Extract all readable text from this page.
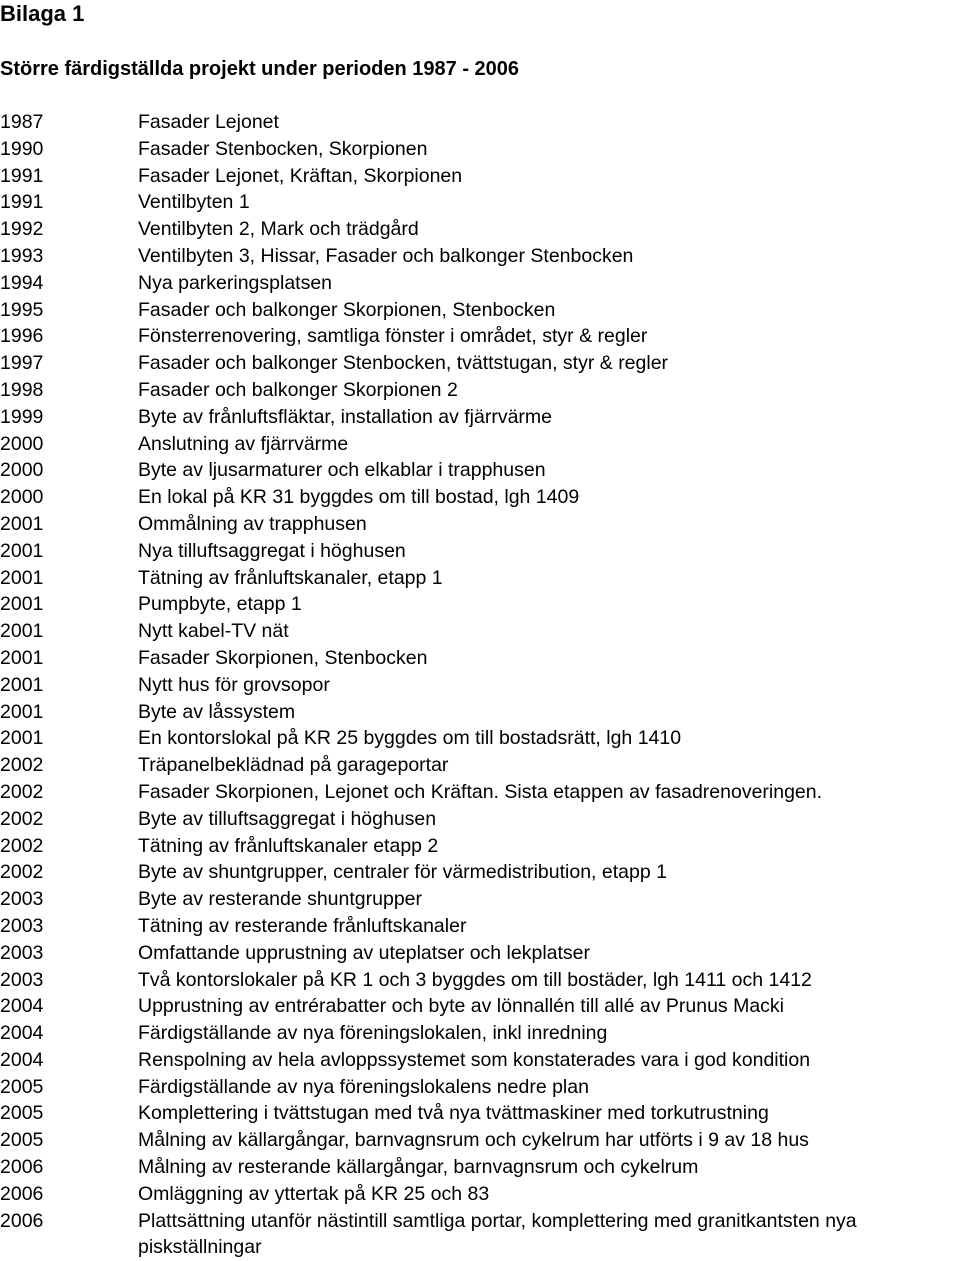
Bilaga 1
Större färdigställda projekt under perioden 1987 - 2006
1987	Fasader Lejonet
1990	Fasader Stenbocken, Skorpionen
1991	Fasader Lejonet, Kräftan, Skorpionen
1991	Ventilbyten 1
1992	Ventilbyten 2, Mark och trädgård
1993	Ventilbyten 3, Hissar, Fasader och balkonger Stenbocken
1994	Nya parkeringsplatsen
1995	Fasader och balkonger Skorpionen, Stenbocken
1996	Fönsterrenovering, samtliga fönster i området, styr & regler
1997	Fasader och balkonger Stenbocken, tvättstugan, styr & regler
1998	Fasader och balkonger Skorpionen 2
1999	Byte av frånluftsfläktar, installation av fjärrvärme
2000	Anslutning av fjärrvärme
2000	Byte av ljusarmaturer och elkablar i trapphusen
2000	En lokal på KR 31 byggdes om till bostad, lgh 1409
2001	Ommålning av trapphusen
2001	Nya tilluftsaggregat i höghusen
2001	Tätning av frånluftskanaler, etapp 1
2001	Pumpbyte, etapp 1
2001	Nytt kabel-TV nät
2001	Fasader Skorpionen, Stenbocken
2001	Nytt hus för grovsopor
2001	Byte av låssystem
2001	En kontorslokal på KR 25 byggdes om till bostadsrätt, lgh 1410
2002	Träpanelbeklädnad på garageportar
2002	Fasader Skorpionen, Lejonet och Kräftan. Sista etappen av fasadrenoveringen.
2002	Byte av tilluftsaggregat i höghusen
2002	Tätning av frånluftskanaler etapp 2
2002	Byte av shuntgrupper, centraler för värmedistribution, etapp 1
2003	Byte av resterande shuntgrupper
2003	Tätning av resterande frånluftskanaler
2003	Omfattande upprustning av uteplatser och lekplatser
2003	Två kontorslokaler på KR 1 och 3 byggdes om till bostäder, lgh 1411 och 1412
2004	Upprustning av entrérabatter och byte av lönnallén till allé av Prunus Macki
2004	Färdigställande av nya föreningslokalen, inkl inredning
2004	Renspolning av hela avloppssystemet som konstaterades vara i god kondition
2005	Färdigställande av nya föreningslokalens nedre plan
2005	Komplettering i tvättstugan med två nya tvättmaskiner med torkutrustning
2005	Målning av källargångar, barnvagnsrum och cykelrum har utförts i 9 av 18 hus
2006	Målning av resterande källargångar, barnvagnsrum och cykelrum
2006	Omläggning av yttertak på KR 25 och 83
2006	Plattsättning utanför nästintill samtliga portar, komplettering med granitkantsten nya piskställningar
